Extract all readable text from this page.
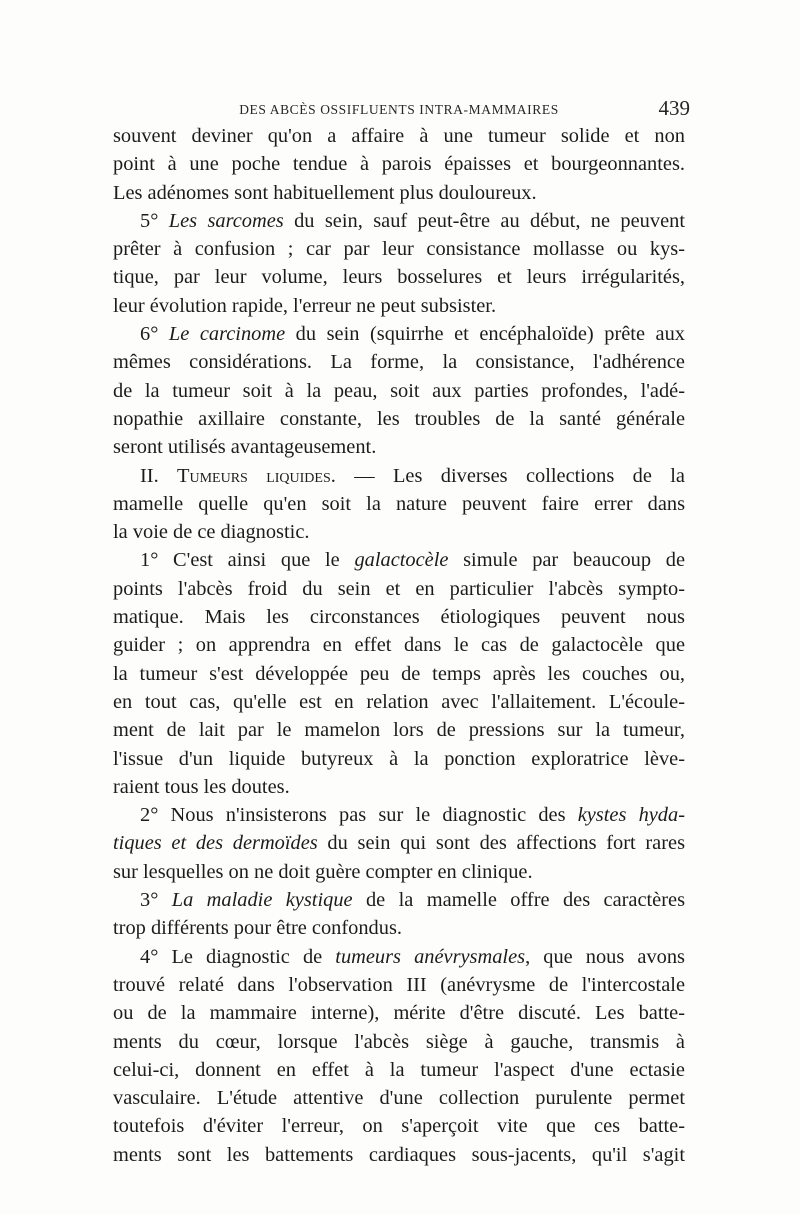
DES ABCÈS OSSIFLUENTS INTRA-MAMMAIRES	439
souvent deviner qu'on a affaire à une tumeur solide et non
point à une poche tendue à parois épaisses et bourgeonnantes.
Les adénomes sont habituellement plus douloureux.
5° Les sarcomes du sein, sauf peut-être au début, ne peuvent
prêter à confusion ; car par leur consistance mollasse ou kys-
tique, par leur volume, leurs bosselures et leurs irrégularités,
leur évolution rapide, l'erreur ne peut subsister.
6° Le carcinome du sein (squirrhe et encéphaloïde) prête aux
mêmes considérations. La forme, la consistance, l'adhérence
de la tumeur soit à la peau, soit aux parties profondes, l'adé-
nopathie axillaire constante, les troubles de la santé générale
seront utilisés avantageusement.
II. Tumeurs liquides. — Les diverses collections de la
mamelle quelle qu'en soit la nature peuvent faire errer dans
la voie de ce diagnostic.
1° C'est ainsi que le galactocèle simule par beaucoup de
points l'abcès froid du sein et en particulier l'abcès sympto-
matique. Mais les circonstances étiologiques peuvent nous
guider ; on apprendra en effet dans le cas de galactocèle que
la tumeur s'est développée peu de temps après les couches ou,
en tout cas, qu'elle est en relation avec l'allaitement. L'écoule-
ment de lait par le mamelon lors de pressions sur la tumeur,
l'issue d'un liquide butyreux à la ponction exploratrice lève-
raient tous les doutes.
2° Nous n'insisterons pas sur le diagnostic des kystes hyda-
tiques et des dermoïdes du sein qui sont des affections fort rares
sur lesquelles on ne doit guère compter en clinique.
3° La maladie kystique de la mamelle offre des caractères
trop différents pour être confondus.
4° Le diagnostic de tumeurs anévrysmales, que nous avons
trouvé relaté dans l'observation III (anévrysme de l'intercostale
ou de la mammaire interne), mérite d'être discuté. Les batte-
ments du cœur, lorsque l'abcès siège à gauche, transmis à
celui-ci, donnent en effet à la tumeur l'aspect d'une ectasie
vasculaire. L'étude attentive d'une collection purulente permet
toutefois d'éviter l'erreur, on s'aperçoit vite que ces batte-
ments sont les battements cardiaques sous-jacents, qu'il s'agit
